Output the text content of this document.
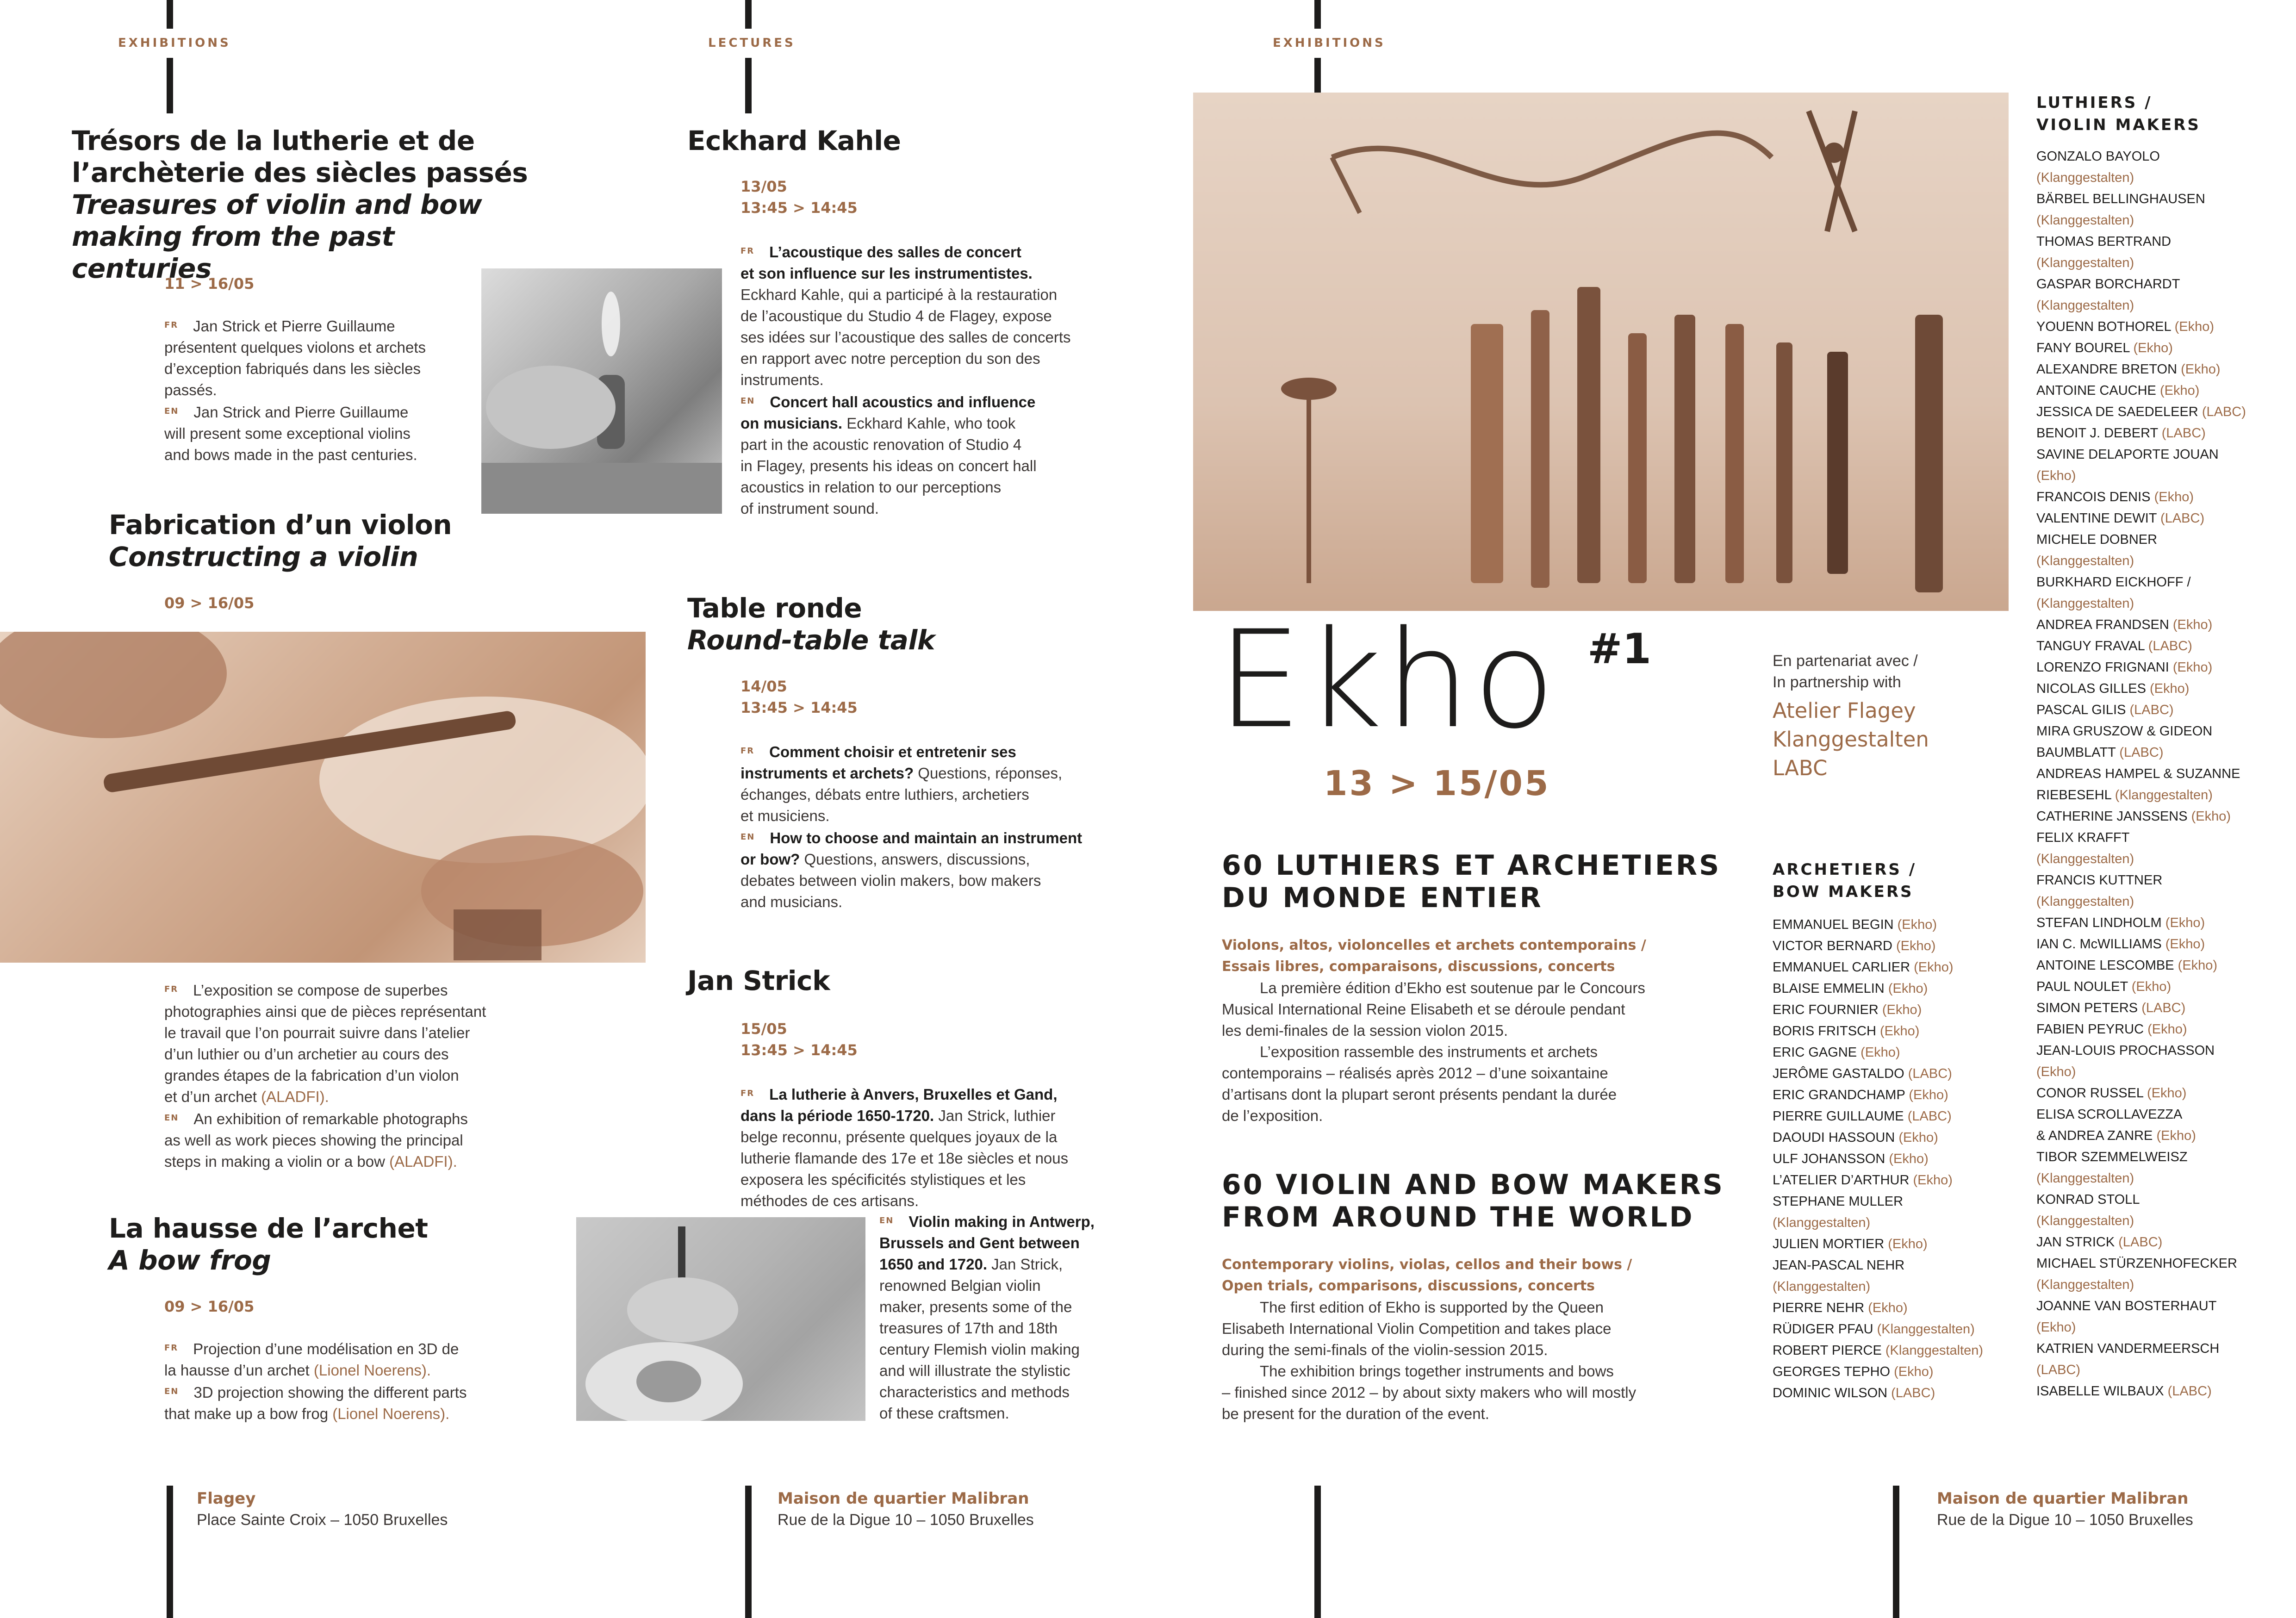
EXHIBITIONS	LECTURES	EXHIBITIONS
Trésors de la lutherie et de
l’archèterie des siècles passés
Treasures of violin and bow
making from the past centuries
11 > 16/05
$^{FR}$ Jan Strick et Pierre Guillaume
présentent quelques violons et archets
d’exception fabriqués dans les siècles
passés.
$^{EN}$ Jan Strick and Pierre Guillaume
will present some exceptional violins
and bows made in the past centuries.
Fabrication d’un violon
Constructing a violin
09 > 16/05
$^{FR}$ L’exposition se compose de superbes
photographies ainsi que de pièces représentant
le travail que l’on pourrait suivre dans l’atelier
d’un luthier ou d’un archetier au cours des
grandes étapes de la fabrication d’un violon
et d’un archet (ALADFI).
$^{EN}$ An exhibition of remarkable photographs
as well as work pieces showing the principal
steps in making a violin or a bow (ALADFI).
La hausse de l’archet
A bow frog
09 > 16/05
$^{FR}$ Projection d’une modélisation en 3D de
la hausse d’un archet (Lionel Noerens).
$^{EN}$ 3D projection showing the different parts
that make up a bow frog (Lionel Noerens).
Flagey
Place Sainte Croix – 1050 Bruxelles
Eckhard Kahle
13/05
13:45 > 14:45
$^{FR}$ L’acoustique des salles de concert
et son influence sur les instrumentistes.
Eckhard Kahle, qui a participé à la restauration
de l’acoustique du Studio 4 de Flagey, expose
ses idées sur l’acoustique des salles de concerts
en rapport avec notre perception du son des
instruments.
$^{EN}$ Concert hall acoustics and influence
on musicians. Eckhard Kahle, who took
part in the acoustic renovation of Studio 4
in Flagey, presents his ideas on concert hall
acoustics in relation to our perceptions
of instrument sound.
Table ronde
Round-table talk
14/05
13:45 > 14:45
$^{FR}$ Comment choisir et entretenir ses
instruments et archets? Questions, réponses,
échanges, débats entre luthiers, archetiers
et musiciens.
$^{EN}$ How to choose and maintain an instrument
or bow? Questions, answers, discussions,
debates between violin makers, bow makers
and musicians.
Jan Strick
15/05
13:45 > 14:45
$^{FR}$ La lutherie à Anvers, Bruxelles et Gand,
dans la période 1650-1720. Jan Strick, luthier
belge reconnu, présente quelques joyaux de la
lutherie flamande des 17e et 18e siècles et nous
exposera les spécificités stylistiques et les
méthodes de ces artisans.
$^{EN}$ Violin making in Antwerp,
Brussels and Gent between
1650 and 1720. Jan Strick,
renowned Belgian violin
maker, presents some of the
treasures of 17th and 18th
century Flemish violin making
and will illustrate the stylistic
characteristics and methods
of these craftsmen.
Maison de quartier Malibran
Rue de la Digue 10 – 1050 Bruxelles
Ekho #1
13 > 15/05
En partenariat avec /
In partnership with
Atelier Flagey
Klanggestalten
LABC
60 LUTHIERS ET ARCHETIERS
DU MONDE ENTIER
Violons, altos, violoncelles et archets contemporains /
Essais libres, comparaisons, discussions, concerts
La première édition d’Ekho est soutenue par le Concours
Musical International Reine Elisabeth et se déroule pendant
les demi-finales de la session violon 2015.
L’exposition rassemble des instruments et archets
contemporains – réalisés après 2012 – d’une soixantaine
d’artisans dont la plupart seront présents pendant la durée
de l’exposition.
60 VIOLIN AND BOW MAKERS
FROM AROUND THE WORLD
Contemporary violins, violas, cellos and their bows /
Open trials, comparisons, discussions, concerts
The first edition of Ekho is supported by the Queen
Elisabeth International Violin Competition and takes place
during the semi-finals of the violin-session 2015.
The exhibition brings together instruments and bows
– finished since 2012 – by about sixty makers who will mostly
be present for the duration of the event.
ARCHETIERS /
BOW MAKERS
EMMANUEL BEGIN (Ekho)
VICTOR BERNARD (Ekho)
EMMANUEL CARLIER (Ekho)
BLAISE EMMELIN (Ekho)
ERIC FOURNIER (Ekho)
BORIS FRITSCH (Ekho)
ERIC GAGNE (Ekho)
JERÔME GASTALDO (LABC)
ERIC GRANDCHAMP (Ekho)
PIERRE GUILLAUME (LABC)
DAOUDI HASSOUN (Ekho)
ULF JOHANSSON (Ekho)
L’ATELIER D’ARTHUR (Ekho)
STEPHANE MULLER
(Klanggestalten)
JULIEN MORTIER (Ekho)
JEAN-PASCAL NEHR
(Klanggestalten)
PIERRE NEHR (Ekho)
RÜDIGER PFAU (Klanggestalten)
ROBERT PIERCE (Klanggestalten)
GEORGES TEPHO (Ekho)
DOMINIC WILSON (LABC)
LUTHIERS /
VIOLIN MAKERS
GONZALO BAYOLO
(Klanggestalten)
BÄRBEL BELLINGHAUSEN
(Klanggestalten)
THOMAS BERTRAND
(Klanggestalten)
GASPAR BORCHARDT
(Klanggestalten)
YOUENN BOTHOREL (Ekho)
FANY BOUREL (Ekho)
ALEXANDRE BRETON (Ekho)
ANTOINE CAUCHE (Ekho)
JESSICA DE SAEDELEER (LABC)
BENOIT J. DEBERT (LABC)
SAVINE DELAPORTE JOUAN
(Ekho)
FRANCOIS DENIS (Ekho)
VALENTINE DEWIT (LABC)
MICHELE DOBNER
(Klanggestalten)
BURKHARD EICKHOFF /
(Klanggestalten)
ANDREA FRANDSEN (Ekho)
TANGUY FRAVAL (LABC)
LORENZO FRIGNANI (Ekho)
NICOLAS GILLES (Ekho)
PASCAL GILIS (LABC)
MIRA GRUSZOW & GIDEON
BAUMBLATT (LABC)
ANDREAS HAMPEL & SUZANNE
RIEBESEHL (Klanggestalten)
CATHERINE JANSSENS (Ekho)
FELIX KRAFFT
(Klanggestalten)
FRANCIS KUTTNER
(Klanggestalten)
STEFAN LINDHOLM (Ekho)
IAN C. McWILLIAMS (Ekho)
ANTOINE LESCOMBE (Ekho)
PAUL NOULET (Ekho)
SIMON PETERS (LABC)
FABIEN PEYRUC (Ekho)
JEAN-LOUIS PROCHASSON
(Ekho)
CONOR RUSSEL (Ekho)
ELISA SCROLLAVEZZA
& ANDREA ZANRE (Ekho)
TIBOR SZEMMELWEISZ
(Klanggestalten)
KONRAD STOLL
(Klanggestalten)
JAN STRICK (LABC)
MICHAEL STÜRZENHOFECKER
(Klanggestalten)
JOANNE VAN BOSTERHAUT
(Ekho)
KATRIEN VANDERMEERSCH
(LABC)
ISABELLE WILBAUX (LABC)
Maison de quartier Malibran
Rue de la Digue 10 – 1050 Bruxelles
